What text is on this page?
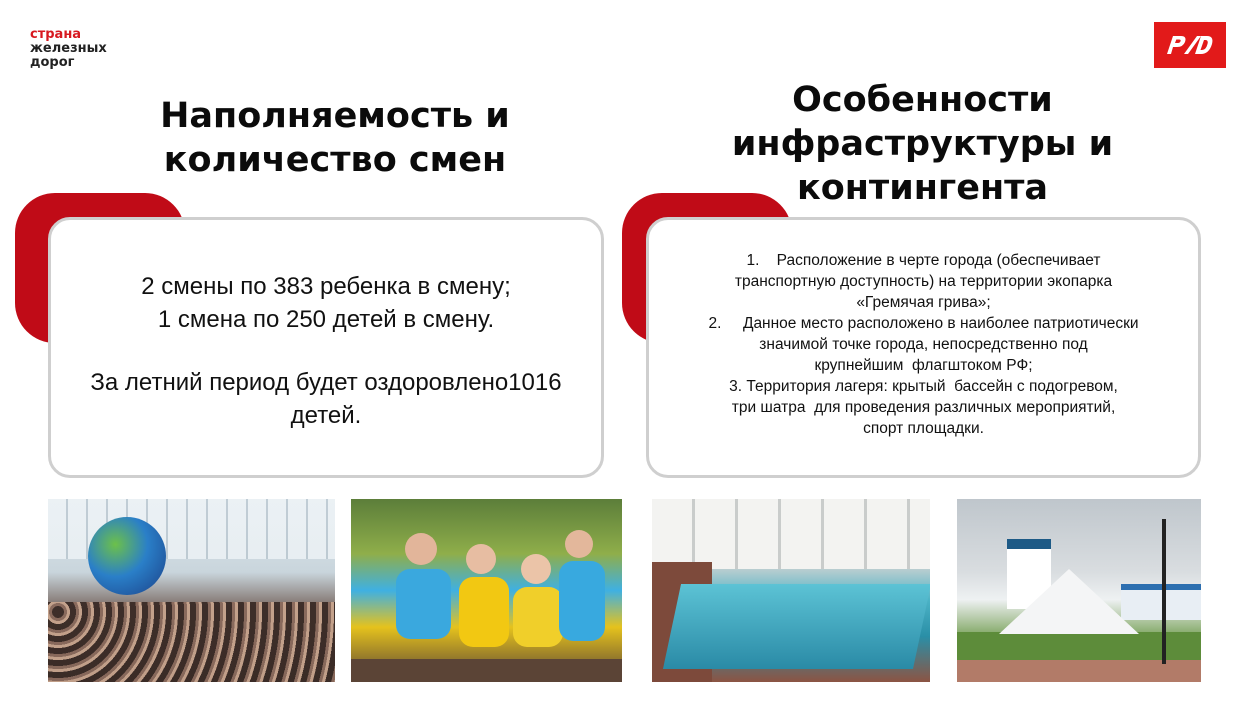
страна
железных
дорог
Наполняемость и
количество смен
Особенности
инфраструктуры и
контингента
2 смены по 383 ребенка в смену;
1 смена по 250 детей в смену.
За летний период будет оздоровлено1016
детей.
1.    Расположение в черте города (обеспечивает
транспортную доступность) на территории экопарка
«Гремячая грива»;
2.     Данное место расположено в наиболее патриотически
значимой точке города, непосредственно под
крупнейшим  флагштоком РФ;
3. Территория лагеря: крытый  бассейн с подогревом,
три шатра  для проведения различных мероприятий,
спорт площадки.
